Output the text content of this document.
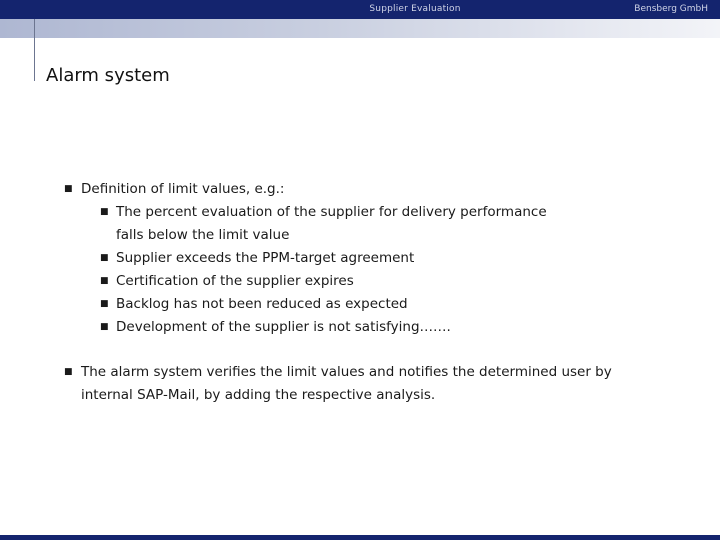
Supplier Evaluation	Bensberg GmbH
Alarm system
■ Definition of limit values, e.g.:
■ The percent evaluation of the supplier for delivery performance
falls below the limit value
■ Supplier exceeds the PPM-target agreement
■ Certification of the supplier expires
■ Backlog has not been reduced as expected
■ Development of the supplier is not satisfying…….
■ The alarm system verifies the limit values and notifies the determined user by
internal SAP-Mail, by adding the respective analysis.
